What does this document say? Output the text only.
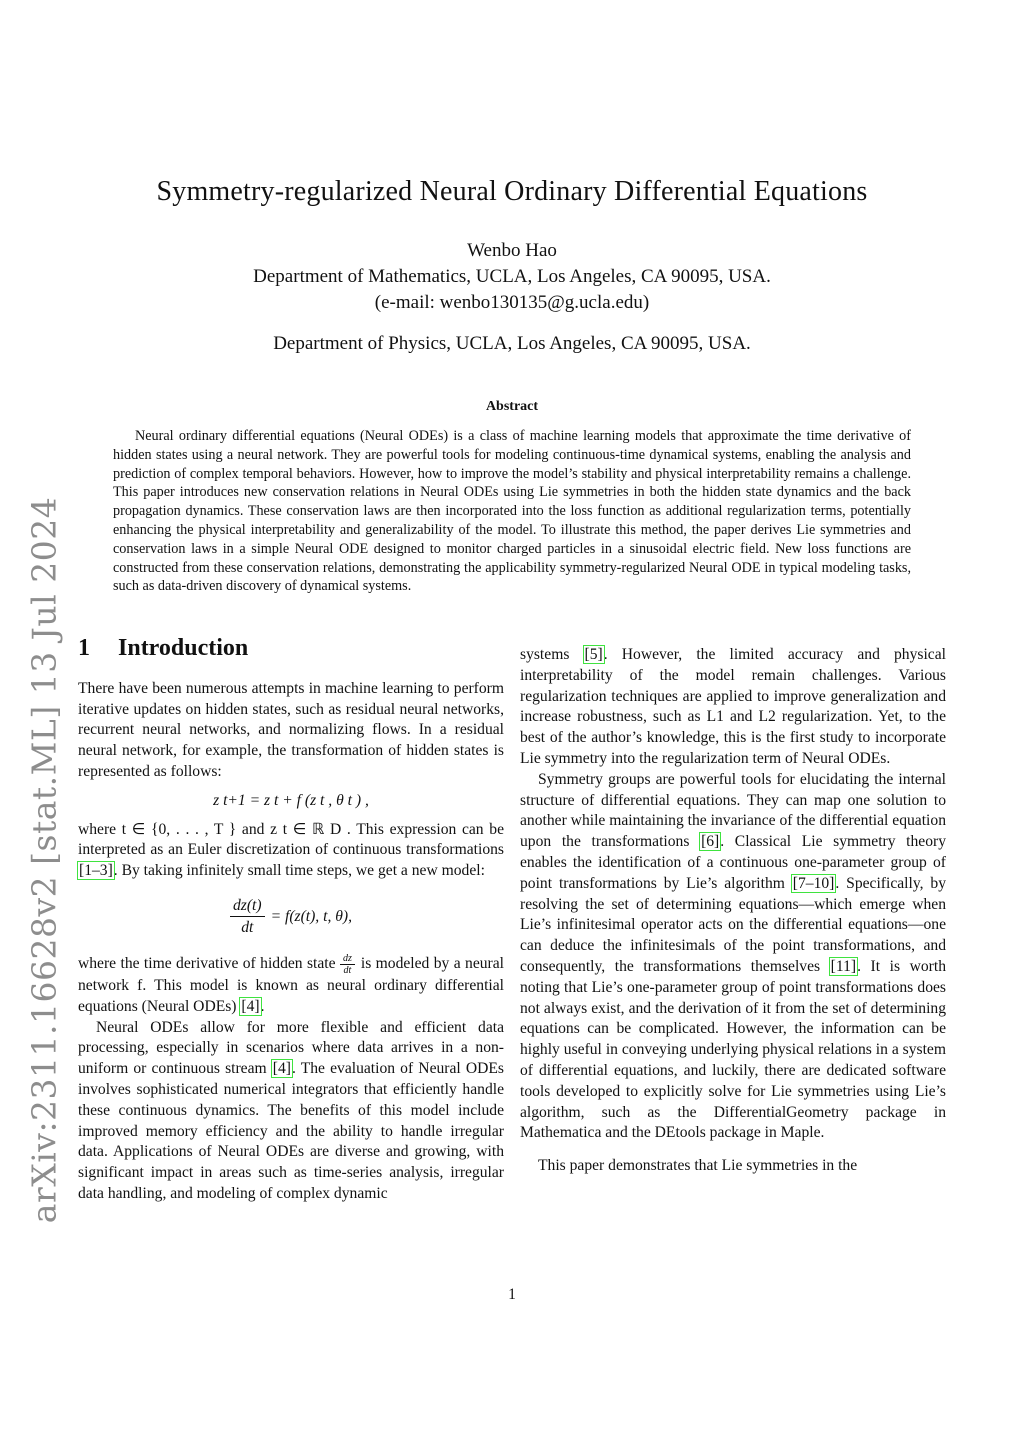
arXiv:2311.16628v2 [stat.ML] 13 Jul 2024
Symmetry-regularized Neural Ordinary Differential Equations
Wenbo Hao
Department of Mathematics, UCLA, Los Angeles, CA 90095, USA.
(e-mail: wenbo130135@g.ucla.edu)
Department of Physics, UCLA, Los Angeles, CA 90095, USA.
Abstract
Neural ordinary differential equations (Neural ODEs) is a class of machine learning models that approximate the time derivative of hidden states using a neural network. They are powerful tools for modeling continuous-time dynamical systems, enabling the analysis and prediction of complex temporal behaviors. However, how to improve the model’s stability and physical interpretability remains a challenge. This paper introduces new conservation relations in Neural ODEs using Lie symmetries in both the hidden state dynamics and the back propagation dynamics. These conservation laws are then incorporated into the loss function as additional regularization terms, potentially enhancing the physical interpretability and generalizability of the model. To illustrate this method, the paper derives Lie symmetries and conservation laws in a simple Neural ODE designed to monitor charged particles in a sinusoidal electric field. New loss functions are constructed from these conservation relations, demonstrating the applicability symmetry-regularized Neural ODE in typical modeling tasks, such as data-driven discovery of dynamical systems.
1 Introduction

There have been numerous attempts in machine learning to perform iterative updates on hidden states, such as residual neural networks, recurrent neural networks, and normalizing flows. In a residual neural network, for example, the transformation of hidden states is represented as follows:

z t+1 = z t + f (z t , θ t ) ,

where t ∈ {0, . . . , T } and z t ∈ ℝ D . This expression can be interpreted as an Euler discretization of continuous transformations [1–3]. By taking infinitely small time steps, we get a new model:

$\frac{dz(t)}{dt} = f(z(t)$, t, θ),

where the time derivative of hidden state $\frac{dz}{dt}$ is modeled by a neural network f. This model is known as neural ordinary differential equations (Neural ODEs) [4].

Neural ODEs allow for more flexible and efficient data processing, especially in scenarios where data arrives in a non-uniform or continuous stream [4]. The evaluation of Neural ODEs involves sophisticated numerical integrators that efficiently handle these continuous dynamics. The benefits of this model include improved memory efficiency and the ability to handle irregular data. Applications of Neural ODEs are diverse and growing, with significant impact in areas such as time-series analysis, irregular data handling, and modeling of complex dynamic

systems [5]. However, the limited accuracy and physical interpretability of the model remain challenges. Various regularization techniques are applied to improve generalization and increase robustness, such as L1 and L2 regularization. Yet, to the best of the author’s knowledge, this is the first study to incorporate Lie symmetry into the regularization term of Neural ODEs.

Symmetry groups are powerful tools for elucidating the internal structure of differential equations. They can map one solution to another while maintaining the invariance of the differential equation upon the transformations [6]. Classical Lie symmetry theory enables the identification of a continuous one-parameter group of point transformations by Lie’s algorithm [7–10]. Specifically, by resolving the set of determining equations—which emerge when Lie’s infinitesimal operator acts on the differential equations—one can deduce the infinitesimals of the point transformations, and consequently, the transformations themselves [11]. It is worth noting that Lie’s one-parameter group of point transformations does not always exist, and the derivation of it from the set of determining equations can be complicated. However, the information can be highly useful in conveying underlying physical relations in a system of differential equations, and luckily, there are dedicated software tools developed to explicitly solve for Lie symmetries using Lie’s algorithm, such as the DifferentialGeometry package in Mathematica and the DEtools package in Maple.

This paper demonstrates that Lie symmetries in the

1
